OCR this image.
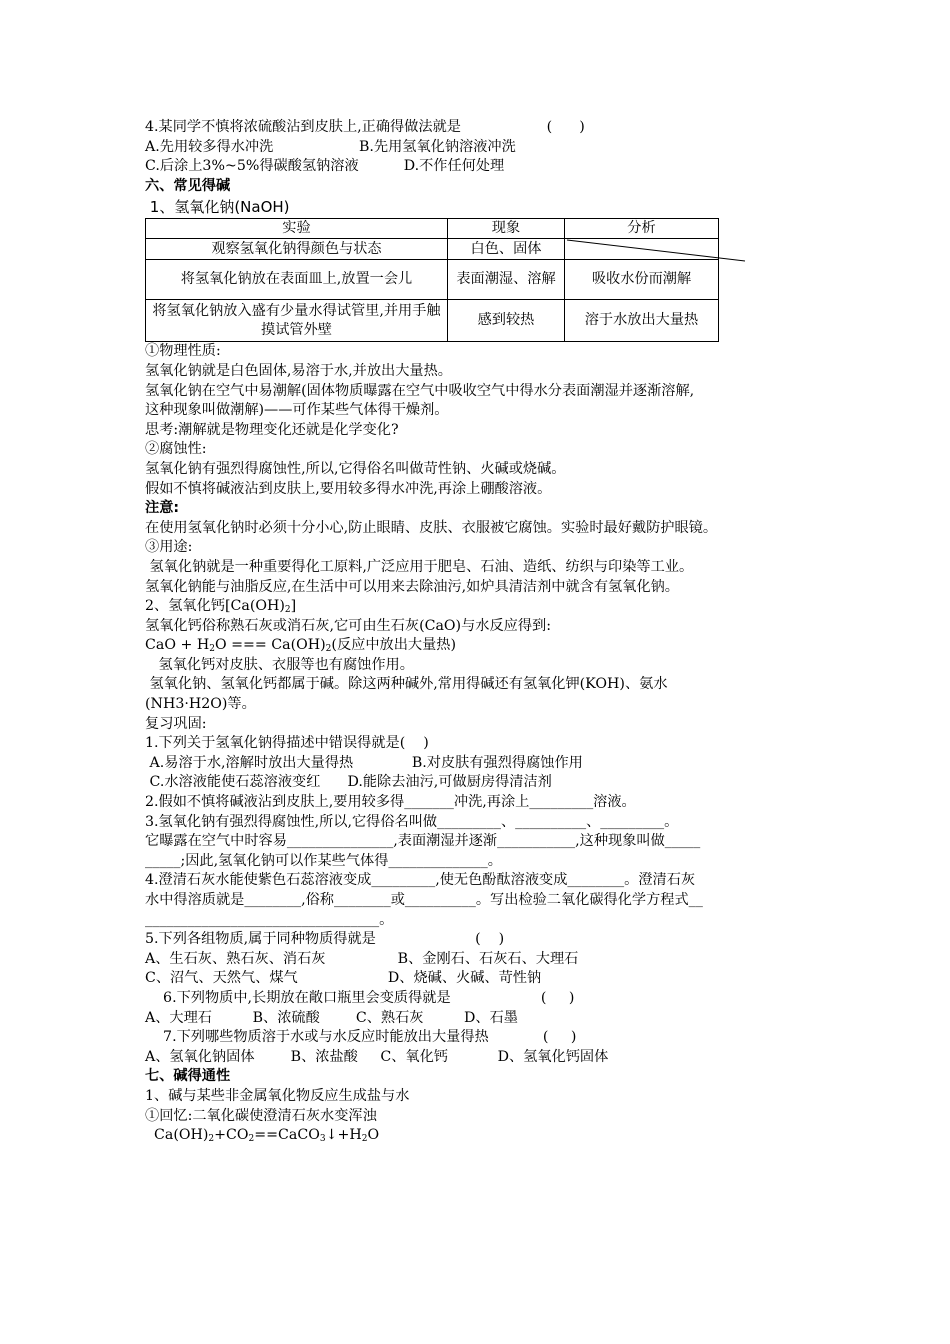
4.某同学不慎将浓硫酸沾到皮肤上,正确得做法就是                   (      )
A.先用较多得水冲洗                   B.先用氢氧化钠溶液冲洗
C.后涂上3%~5%得碳酸氢钠溶液          D.不作任何处理
六、常见得碱
1、氢氧化钠(NaOH)
实验	现象	分析
观察氢氧化钠得颜色与状态	白色、固体	

将氢氧化钠放在表面皿上,放置一会儿	表面潮湿、溶解	吸收水份而潮解
将氢氧化钠放入盛有少量水得试管里,并用手触摸试管外壁	感到较热	溶于水放出大量热
①物理性质:
氢氧化钠就是白色固体,易溶于水,并放出大量热。
氢氧化钠在空气中易潮解(固体物质曝露在空气中吸收空气中得水分表面潮湿并逐渐溶解,
这种现象叫做潮解)——可作某些气体得干燥剂。
思考:潮解就是物理变化还就是化学变化?
②腐蚀性:
氢氧化钠有强烈得腐蚀性,所以,它得俗名叫做苛性钠、火碱或烧碱。
假如不慎将碱液沾到皮肤上,要用较多得水冲洗,再涂上硼酸溶液。
注意:
在使用氢氧化钠时必须十分小心,防止眼睛、皮肤、衣服被它腐蚀。实验时最好戴防护眼镜。
③用途:
氢氧化钠就是一种重要得化工原料,广泛应用于肥皂、石油、造纸、纺织与印染等工业。
氢氧化钠能与油脂反应,在生活中可以用来去除油污,如炉具清洁剂中就含有氢氧化钠。
2、氢氧化钙$[Ca(OH)_2]$
氢氧化钙俗称熟石灰或消石灰,它可由生石灰(CaO)与水反应得到:
CaO + $H_2O$ === $Ca(OH)_2$(反应中放出大量热)
氢氧化钙对皮肤、衣服等也有腐蚀作用。
氢氧化钠、氢氧化钙都属于碱。除这两种碱外,常用得碱还有氢氧化钾(KOH)、氨水
(NH3·H2O)等。
复习巩固:
1.下列关于氢氧化钠得描述中错误得就是(    )
A.易溶于水,溶解时放出大量得热             B.对皮肤有强烈得腐蚀作用
C.水溶液能使石蕊溶液变红      D.能除去油污,可做厨房得清洁剂
2.假如不慎将碱液沾到皮肤上,要用较多得_______冲洗,再涂上_________溶液。
3.氢氧化钠有强烈得腐蚀性,所以,它得俗名叫做_________、__________、_________。
它曝露在空气中时容易_______________,表面潮湿并逐渐___________,这种现象叫做_____
_____;因此,氢氧化钠可以作某些气体得______________。
4.澄清石灰水能使紫色石蕊溶液变成_________,使无色酚酞溶液变成________。澄清石灰
水中得溶质就是________,俗称________或__________。写出检验二氧化碳得化学方程式__
_________________________________。
5.下列各组物质,属于同种物质得就是                      (    )
A、生石灰、熟石灰、消石灰                B、金刚石、石灰石、大理石
C、沼气、天然气、煤气                    D、烧碱、火碱、苛性钠
6.下列物质中,长期放在敞口瓶里会变质得就是                    (     )
A、大理石         B、浓硫酸        C、熟石灰         D、石墨
7.下列哪些物质溶于水或与水反应时能放出大量得热            (     )
A、氢氧化钠固体        B、浓盐酸     C、氧化钙           D、氢氧化钙固体
七、碱得通性
1、碱与某些非金属氧化物反应生成盐与水
①回忆:二氧化碳使澄清石灰水变浑浊
$Ca(OH)_2+CO_2==CaCO_3↓+H_2O$
